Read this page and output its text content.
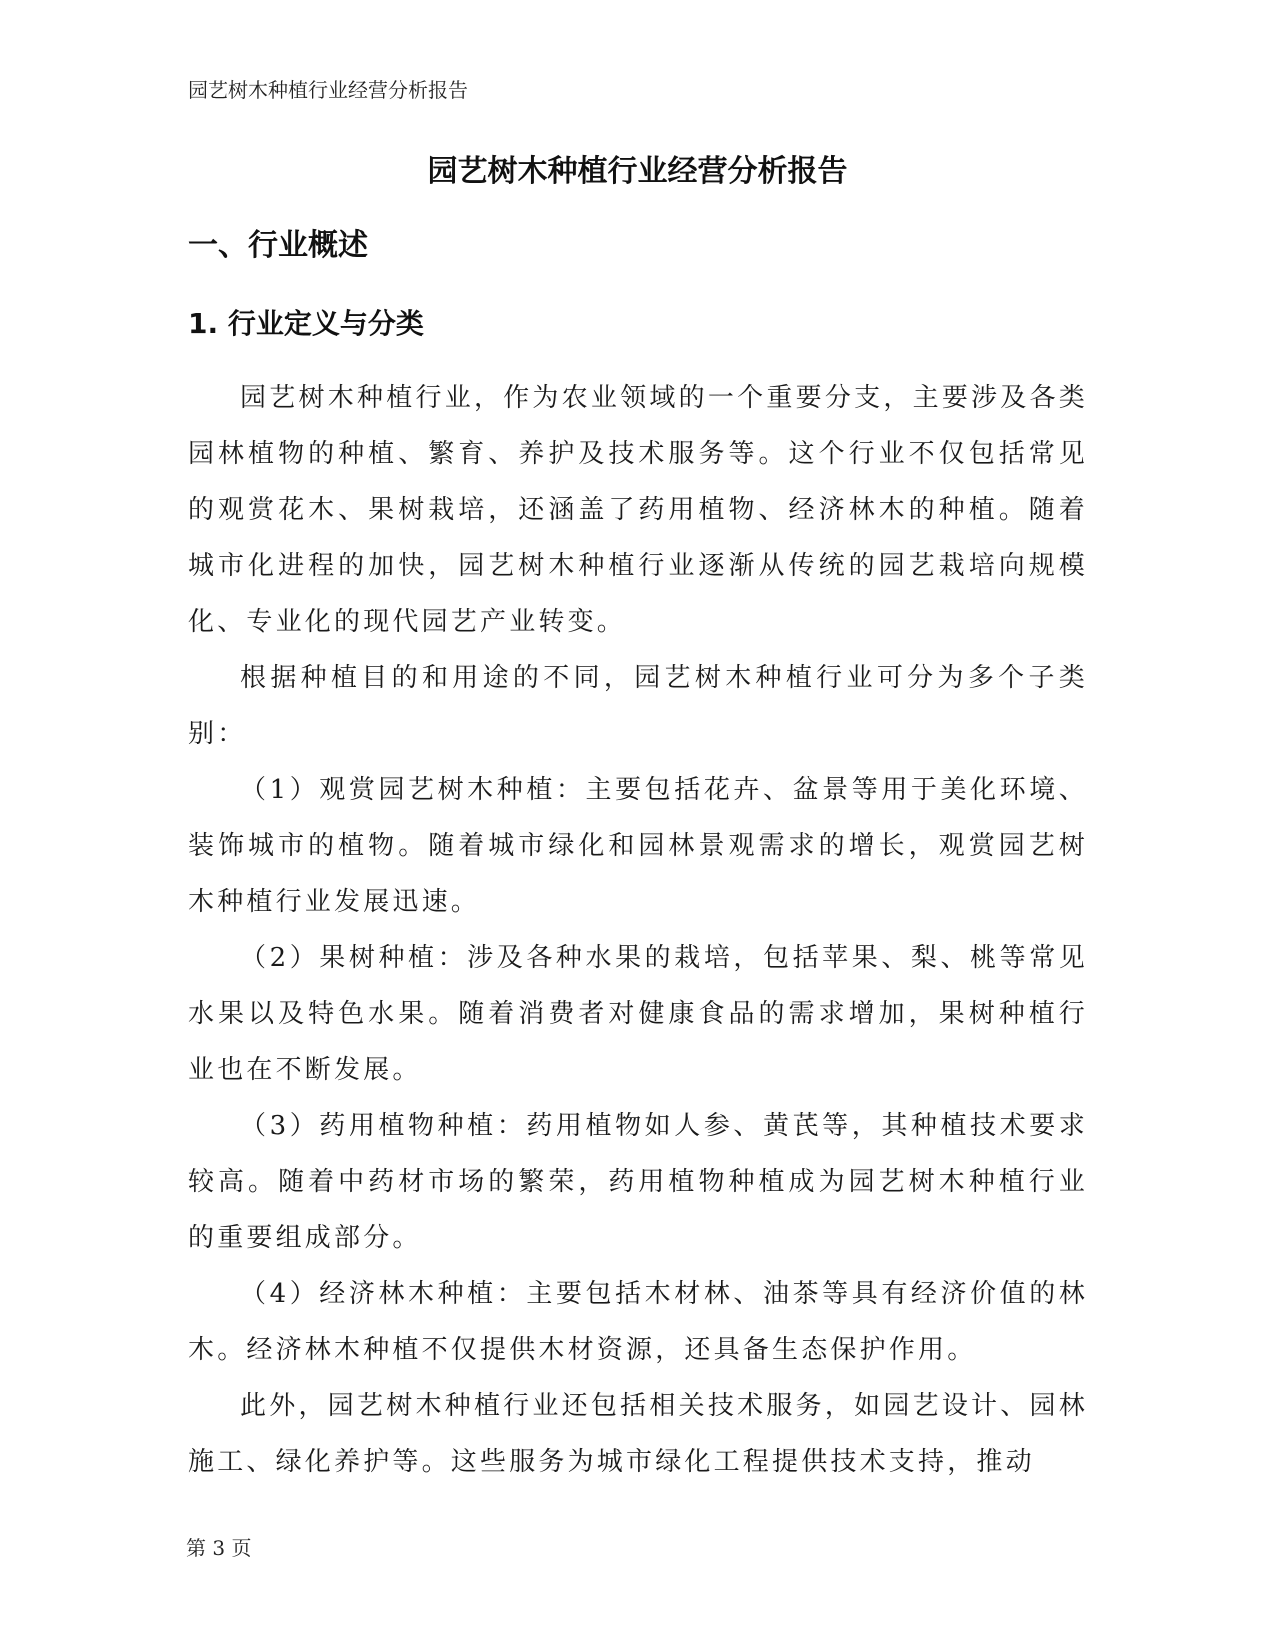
园艺树木种植行业经营分析报告
园艺树木种植行业经营分析报告
一、行业概述
1. 行业定义与分类

园艺树木种植行业，作为农业领域的一个重要分支，主要涉及各类园林植物的种植、繁育、养护及技术服务等。这个行业不仅包括常见的观赏花木、果树栽培，还涵盖了药用植物、经济林木的种植。随着城市化进程的加快，园艺树木种植行业逐渐从传统的园艺栽培向规模化、专业化的现代园艺产业转变。

根据种植目的和用途的不同，园艺树木种植行业可分为多个子类别：

（1）观赏园艺树木种植：主要包括花卉、盆景等用于美化环境、装饰城市的植物。随着城市绿化和园林景观需求的增长，观赏园艺树木种植行业发展迅速。

（2）果树种植：涉及各种水果的栽培，包括苹果、梨、桃等常见水果以及特色水果。随着消费者对健康食品的需求增加，果树种植行业也在不断发展。

（3）药用植物种植：药用植物如人参、黄芪等，其种植技术要求较高。随着中药材市场的繁荣，药用植物种植成为园艺树木种植行业的重要组成部分。

（4）经济林木种植：主要包括木材林、油茶等具有经济价值的林木。经济林木种植不仅提供木材资源，还具备生态保护作用。

此外，园艺树木种植行业还包括相关技术服务，如园艺设计、园林施工、绿化养护等。这些服务为城市绿化工程提供技术支持，推动

第 3 页
